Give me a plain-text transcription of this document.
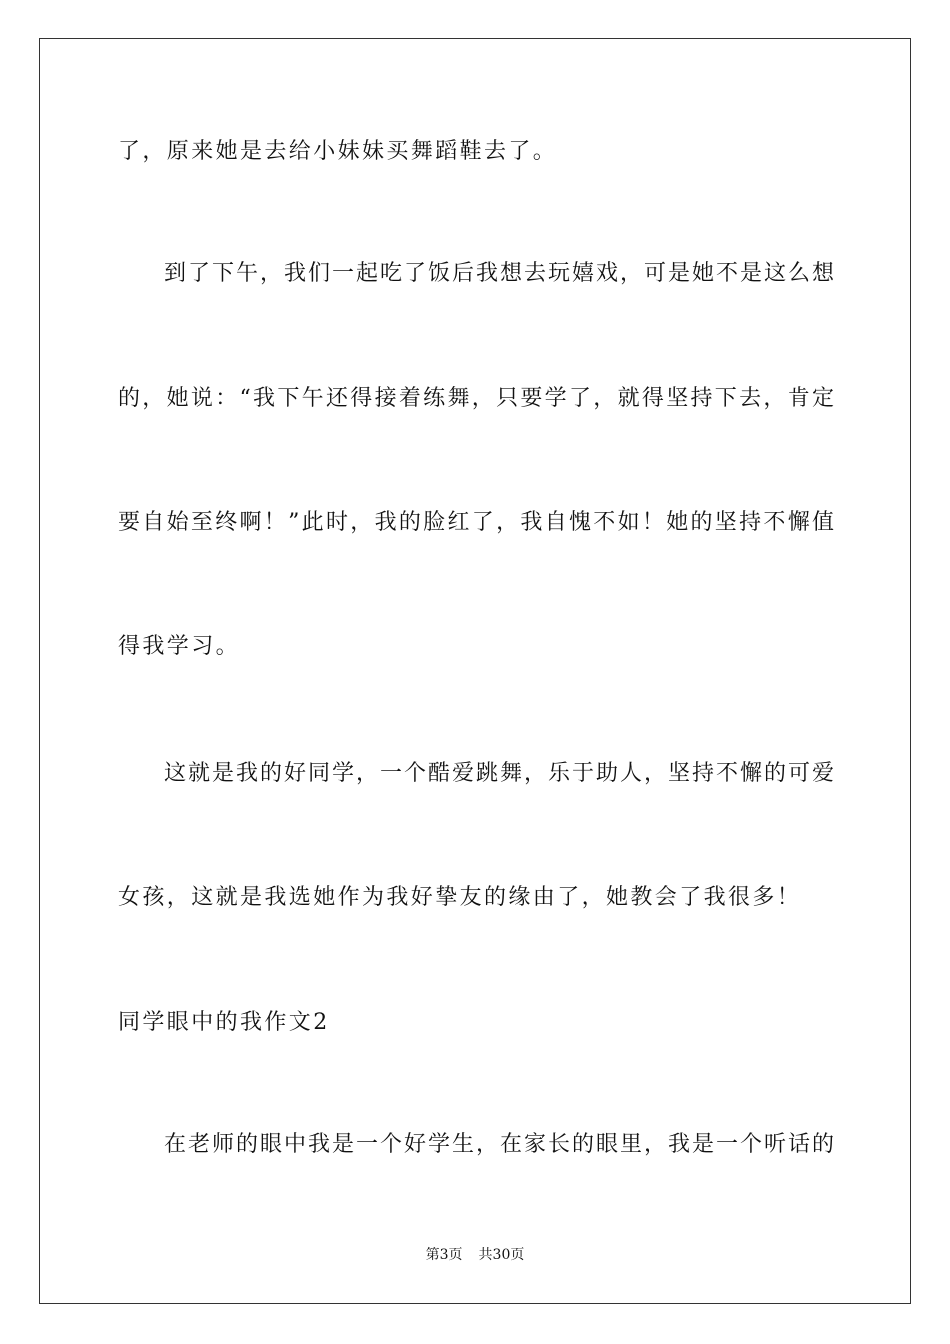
了，原来她是去给小妹妹买舞蹈鞋去了。
到了下午，我们一起吃了饭后我想去玩嬉戏，可是她不是这么想
的，她说：“我下午还得接着练舞，只要学了，就得坚持下去，肯定
要自始至终啊！”此时，我的脸红了，我自愧不如！她的坚持不懈值
得我学习。
这就是我的好同学，一个酷爱跳舞，乐于助人，坚持不懈的可爱
女孩，这就是我选她作为我好挚友的缘由了，她教会了我很多！
同学眼中的我作文2
在老师的眼中我是一个好学生，在家长的眼里，我是一个听话的
第3页 共30页
